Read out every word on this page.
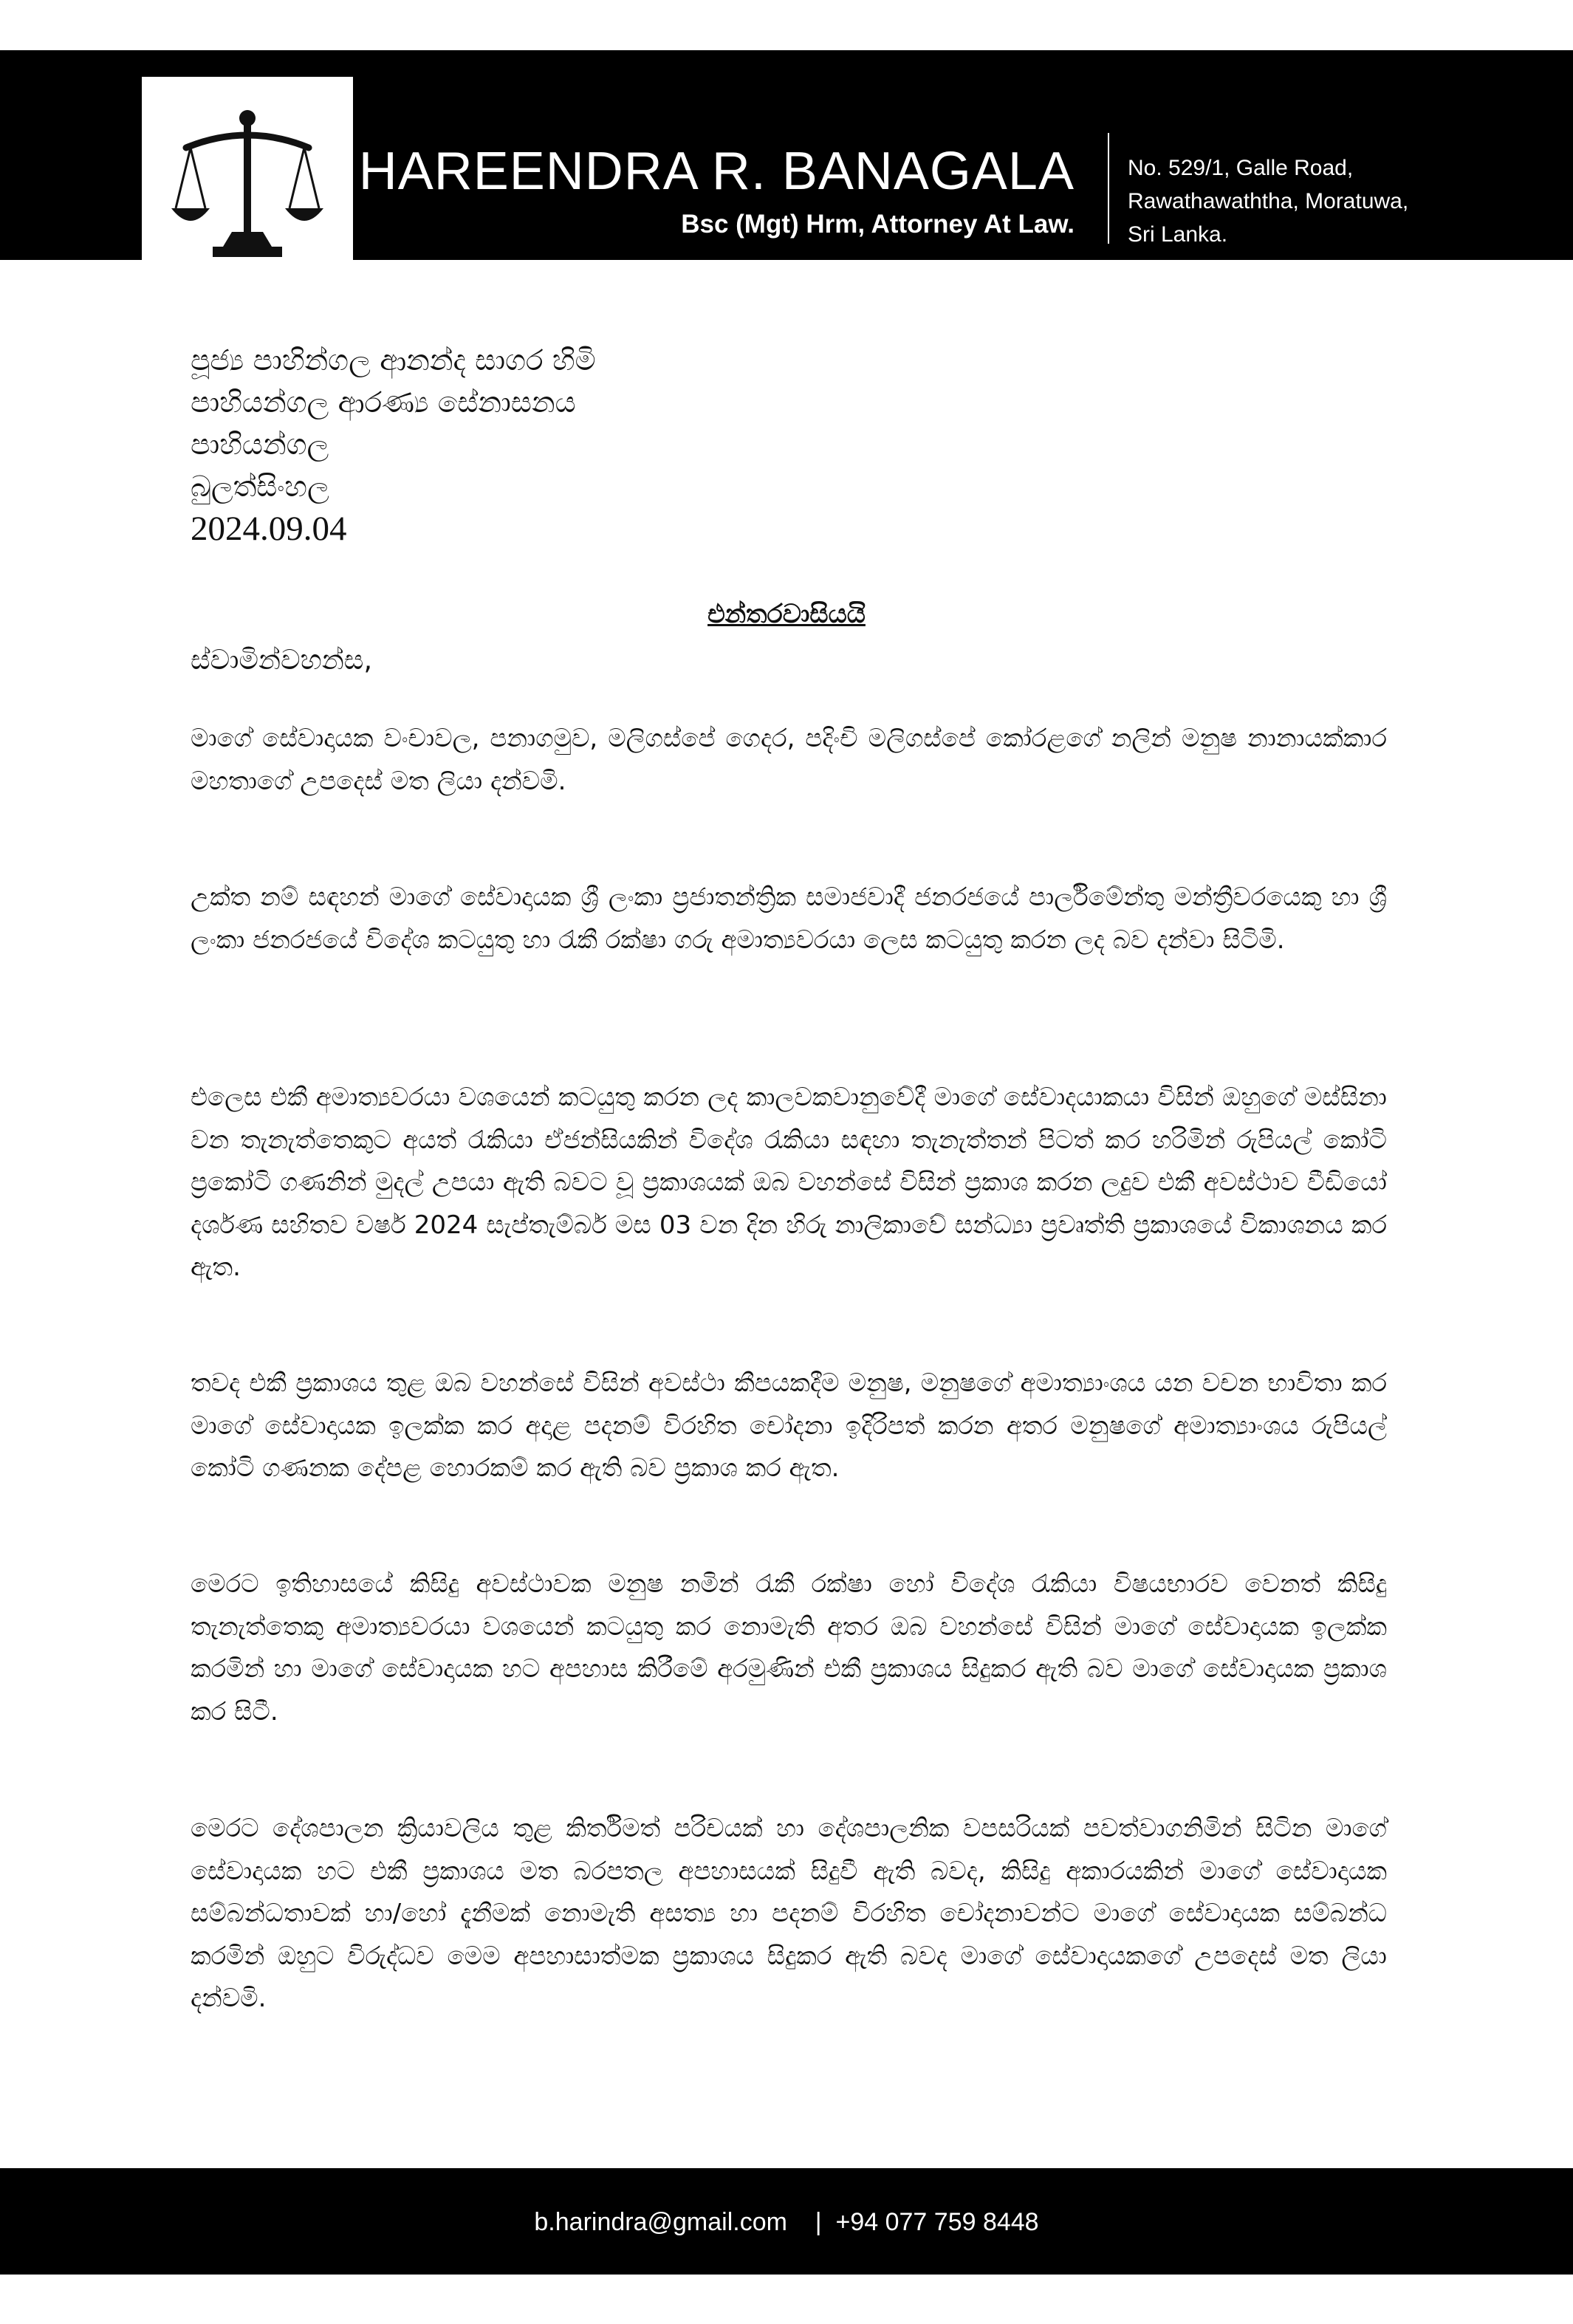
HAREENDRA R. BANAGALA
Bsc (Mgt) Hrm, Attorney At Law.
No. 529/1, Galle Road,
Rawathawaththa, Moratuwa,
Sri Lanka.
පූජ්‍ය පාහින්ගල ආනන්ද සාගර හිමි
පාහියන්ගල ආරණ්‍ය සේනාසනය
පාහියන්ගල
බුලත්සිංහල
2024.09.04
එන්තරවාසියයි
ස්වාමින්වහන්ස,

මාගේ සේවාදායක වංචාවල, පනාගමුව, මලිගස්පේ ගෙදර, පදිංචි මලිගස්පේ කෝරළගේ නලින් මනුෂ නානායක්කාර මහතාගේ උපදෙස් මත ලියා දන්වමි.

උක්ත නම් සඳහන් මාගේ සේවාදායක ශ්‍රී ලංකා ප්‍රජාතන්ත්‍රික සමාජවාදී ජනරජයේ පාර්ලිමේන්තු මන්ත්‍රීවරයෙකු හා ශ්‍රී ලංකා ජනරජයේ විදේශ කටයුතු හා රැකී රක්ෂා ගරු අමාත්‍යවරයා ලෙස කටයුතු කරන ලද බව දන්වා සිටිමි.

එලෙස එකී අමාත්‍යවරයා වශයෙන් කටයුතු කරන ලද කාලවකවානුවේදී මාගේ සේවාදයාකයා විසින් ඔහුගේ මස්සිනා වන තැනැත්තෙකුට අයත් රැකියා ඒජන්සියකින් විදේශ රැකියා සඳහා තැනැත්තන් පිටත් කර හරිමින් රුපියල් කෝටි ප්‍රකෝටි ගණනින් මුදල් උපයා ඇති බවට වූ ප්‍රකාශයක් ඔබ වහන්සේ විසින් ප්‍රකාශ කරන ලදුව එකී අවස්ථාව වීඩියෝ දර්ශණ සහිතව වර්ෂ 2024 සැප්තැම්බර් මස 03 වන දින හිරු නාලිකාවේ සන්ධ්‍යා ප්‍රවෘත්ති ප්‍රකාශයේ විකාශනය කර ඇත.

තවද එකී ප්‍රකාශය තුළ ඔබ වහන්සේ විසින් අවස්ථා කීපයකදීම මනුෂ, මනුෂගේ අමාත්‍යාංශය යන වචන භාවිතා කර මාගේ සේවාදායක ඉලක්ක කර අදාළ පදනම් විරහිත චෝදනා ඉදිරිපත් කරන අතර මනුෂගේ අමාත්‍යාංශය රුපියල් කෝටි ගණනක දේපළ හොරකම් කර ඇති බව ප්‍රකාශ කර ඇත.

මෙරට ඉතිහාසයේ කිසිදු අවස්ථාවක මනුෂ නමින් රැකී රක්ෂා හෝ විදේශ රැකියා විෂයභාරව වෙනත් කිසිදු තැනැත්තෙකු අමාත්‍යවරයා වශයෙන් කටයුතු කර නොමැති අතර ඔබ වහන්සේ විසින් මාගේ සේවාදායක ඉලක්ක කරමින් හා මාගේ සේවාදායක හට අපහාස කිරීමේ අරමුණින් එකී ප්‍රකාශය සිදුකර ඇති බව මාගේ සේවාදායක ප්‍රකාශ කර සිටී.

මෙරට දේශපාලන ක්‍රියාවලිය තුළ කිර්තිමත් පරිචයක් හා දේශපාලනික වපසරියක් පවත්වාගනිමින් සිටින මාගේ සේවාදායක හට එකී ප්‍රකාශය මත බරපතල අපහාසයක් සිදුවී ඇති බවද, කිසිදු අකාරයකින් මාගේ සේවාදායක සම්බන්ධතාවක් හා/හෝ දැනීමක් නොමැති අසත්‍ය හා පදනම් විරහිත චෝදනාවන්ට මාගේ සේවාදායක සම්බන්ධ කරමින් ඔහුට විරුද්ධව මෙම අපහාසාත්මක ප්‍රකාශය සිදුකර ඇති බවද මාගේ සේවාදායකගේ උපදෙස් මත ලියා දන්වමි.

b.harindra@gmail.com | +94 077 759 8448
